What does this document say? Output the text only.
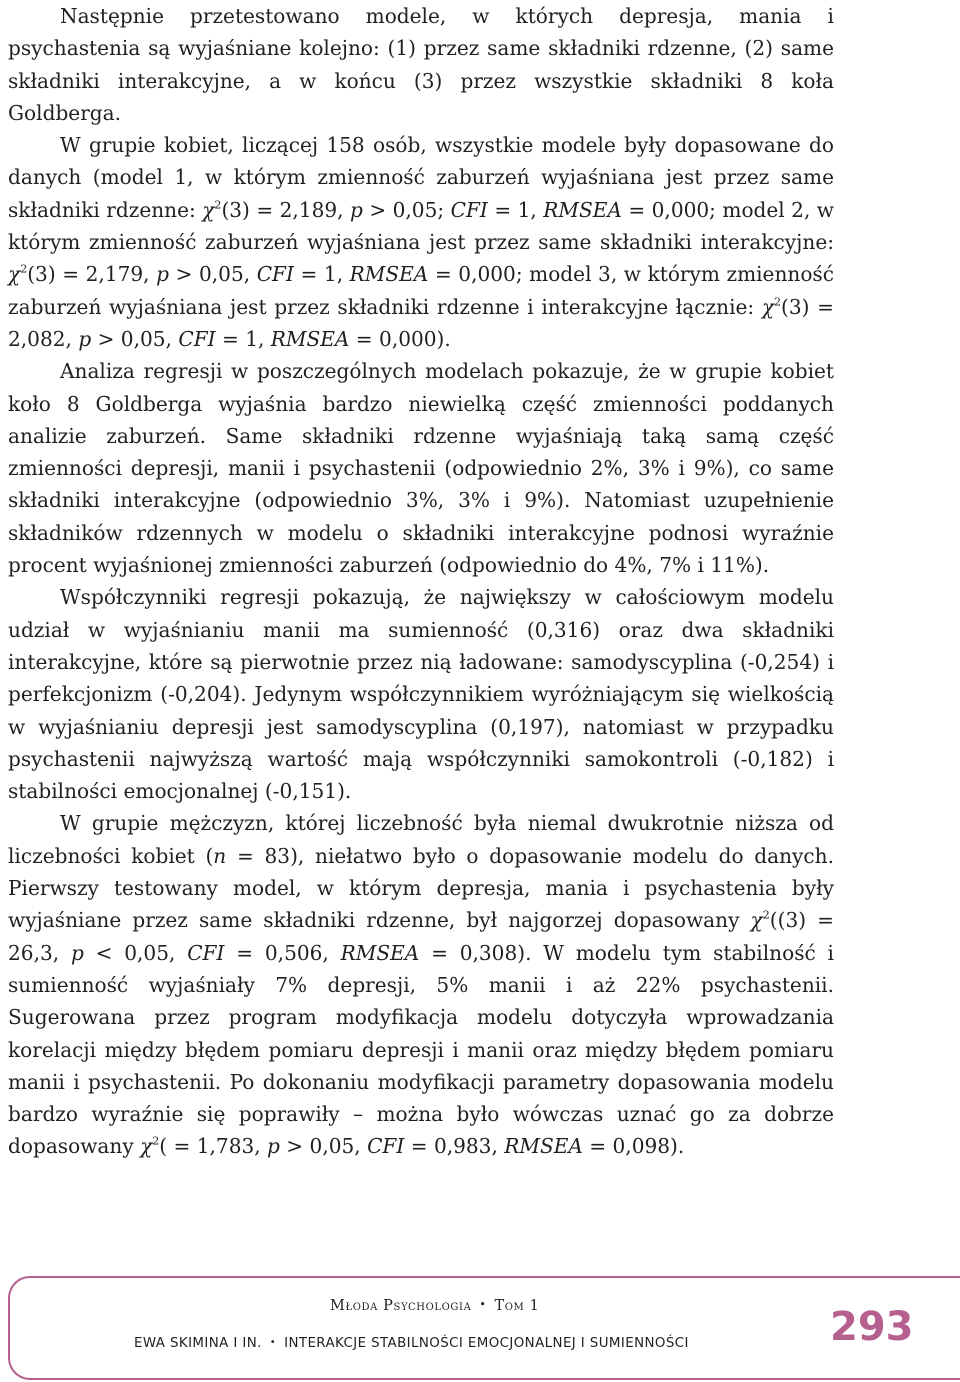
Następnie przetestowano modele, w których depresja, mania i psychastenia są wyjaśniane kolejno: (1) przez same składniki rdzenne, (2) same składniki interakcyjne, a w końcu (3) przez wszystkie składniki 8 koła Goldberga.

W grupie kobiet, liczącej 158 osób, wszystkie modele były dopasowane do danych (model 1, w którym zmienność zaburzeń wyjaśniana jest przez same składniki rdzenne: $\chi^2(3) = 2,189$, p > 0,05; CFI = 1, RMSEA = 0,000; model 2, w którym zmienność zaburzeń wyjaśniana jest przez same składniki interakcyjne: $\chi^2(3) = 2,179$, p > 0,05, CFI = 1, RMSEA = 0,000; model 3, w którym zmienność zaburzeń wyjaśniana jest przez składniki rdzenne i interakcyjne łącznie: $\chi^2(3) = 2,082$, p > 0,05, CFI = 1, RMSEA = 0,000).

Analiza regresji w poszczególnych modelach pokazuje, że w grupie kobiet koło 8 Goldberga wyjaśnia bardzo niewielką część zmienności poddanych analizie zaburzeń. Same składniki rdzenne wyjaśniają taką samą część zmienności depresji, manii i psychastenii (odpowiednio 2%, 3% i 9%), co same składniki interakcyjne (odpowiednio 3%, 3% i 9%). Natomiast uzupełnienie składników rdzennych w modelu o składniki interakcyjne podnosi wyraźnie procent wyjaśnionej zmienności zaburzeń (odpowiednio do 4%, 7% i 11%).

Współczynniki regresji pokazują, że największy w całościowym modelu udział w wyjaśnianiu manii ma sumienność (0,316) oraz dwa składniki interakcyjne, które są pierwotnie przez nią ładowane: samodyscyplina (-0,254) i perfekcjonizm (-0,204). Jedynym współczynnikiem wyróżniającym się wielkością w wyjaśnianiu depresji jest samodyscyplina (0,197), natomiast w przypadku psychastenii najwyższą wartość mają współczynniki samokontroli (-0,182) i stabilności emocjonalnej (-0,151).

W grupie mężczyzn, której liczebność była niemal dwukrotnie niższa od liczebności kobiet (n = 83), niełatwo było o dopasowanie modelu do danych. Pierwszy testowany model, w którym depresja, mania i psychastenia były wyjaśniane przez same składniki rdzenne, był najgorzej dopasowany $\chi^2((3) = 26,3$, p < 0,05, CFI = 0,506, RMSEA = 0,308). W modelu tym stabilność i sumienność wyjaśniały 7% depresji, 5% manii i aż 22% psychastenii. Sugerowana przez program modyfikacja modelu dotyczyła wprowadzania korelacji między błędem pomiaru depresji i manii oraz między błędem pomiaru manii i psychastenii. Po dokonaniu modyfikacji parametry dopasowania modelu bardzo wyraźnie się poprawiły – można było wówczas uznać go za dobrze dopasowany $\chi^2( = 1,783$, p > 0,05, CFI = 0,983, RMSEA = 0,098).

Młoda Psychologia • Tom 1
EWA SKIMINA I IN. • INTERAKCJE STABILNOŚCI EMOCJONALNEJ I SUMIENNOŚCI	293
